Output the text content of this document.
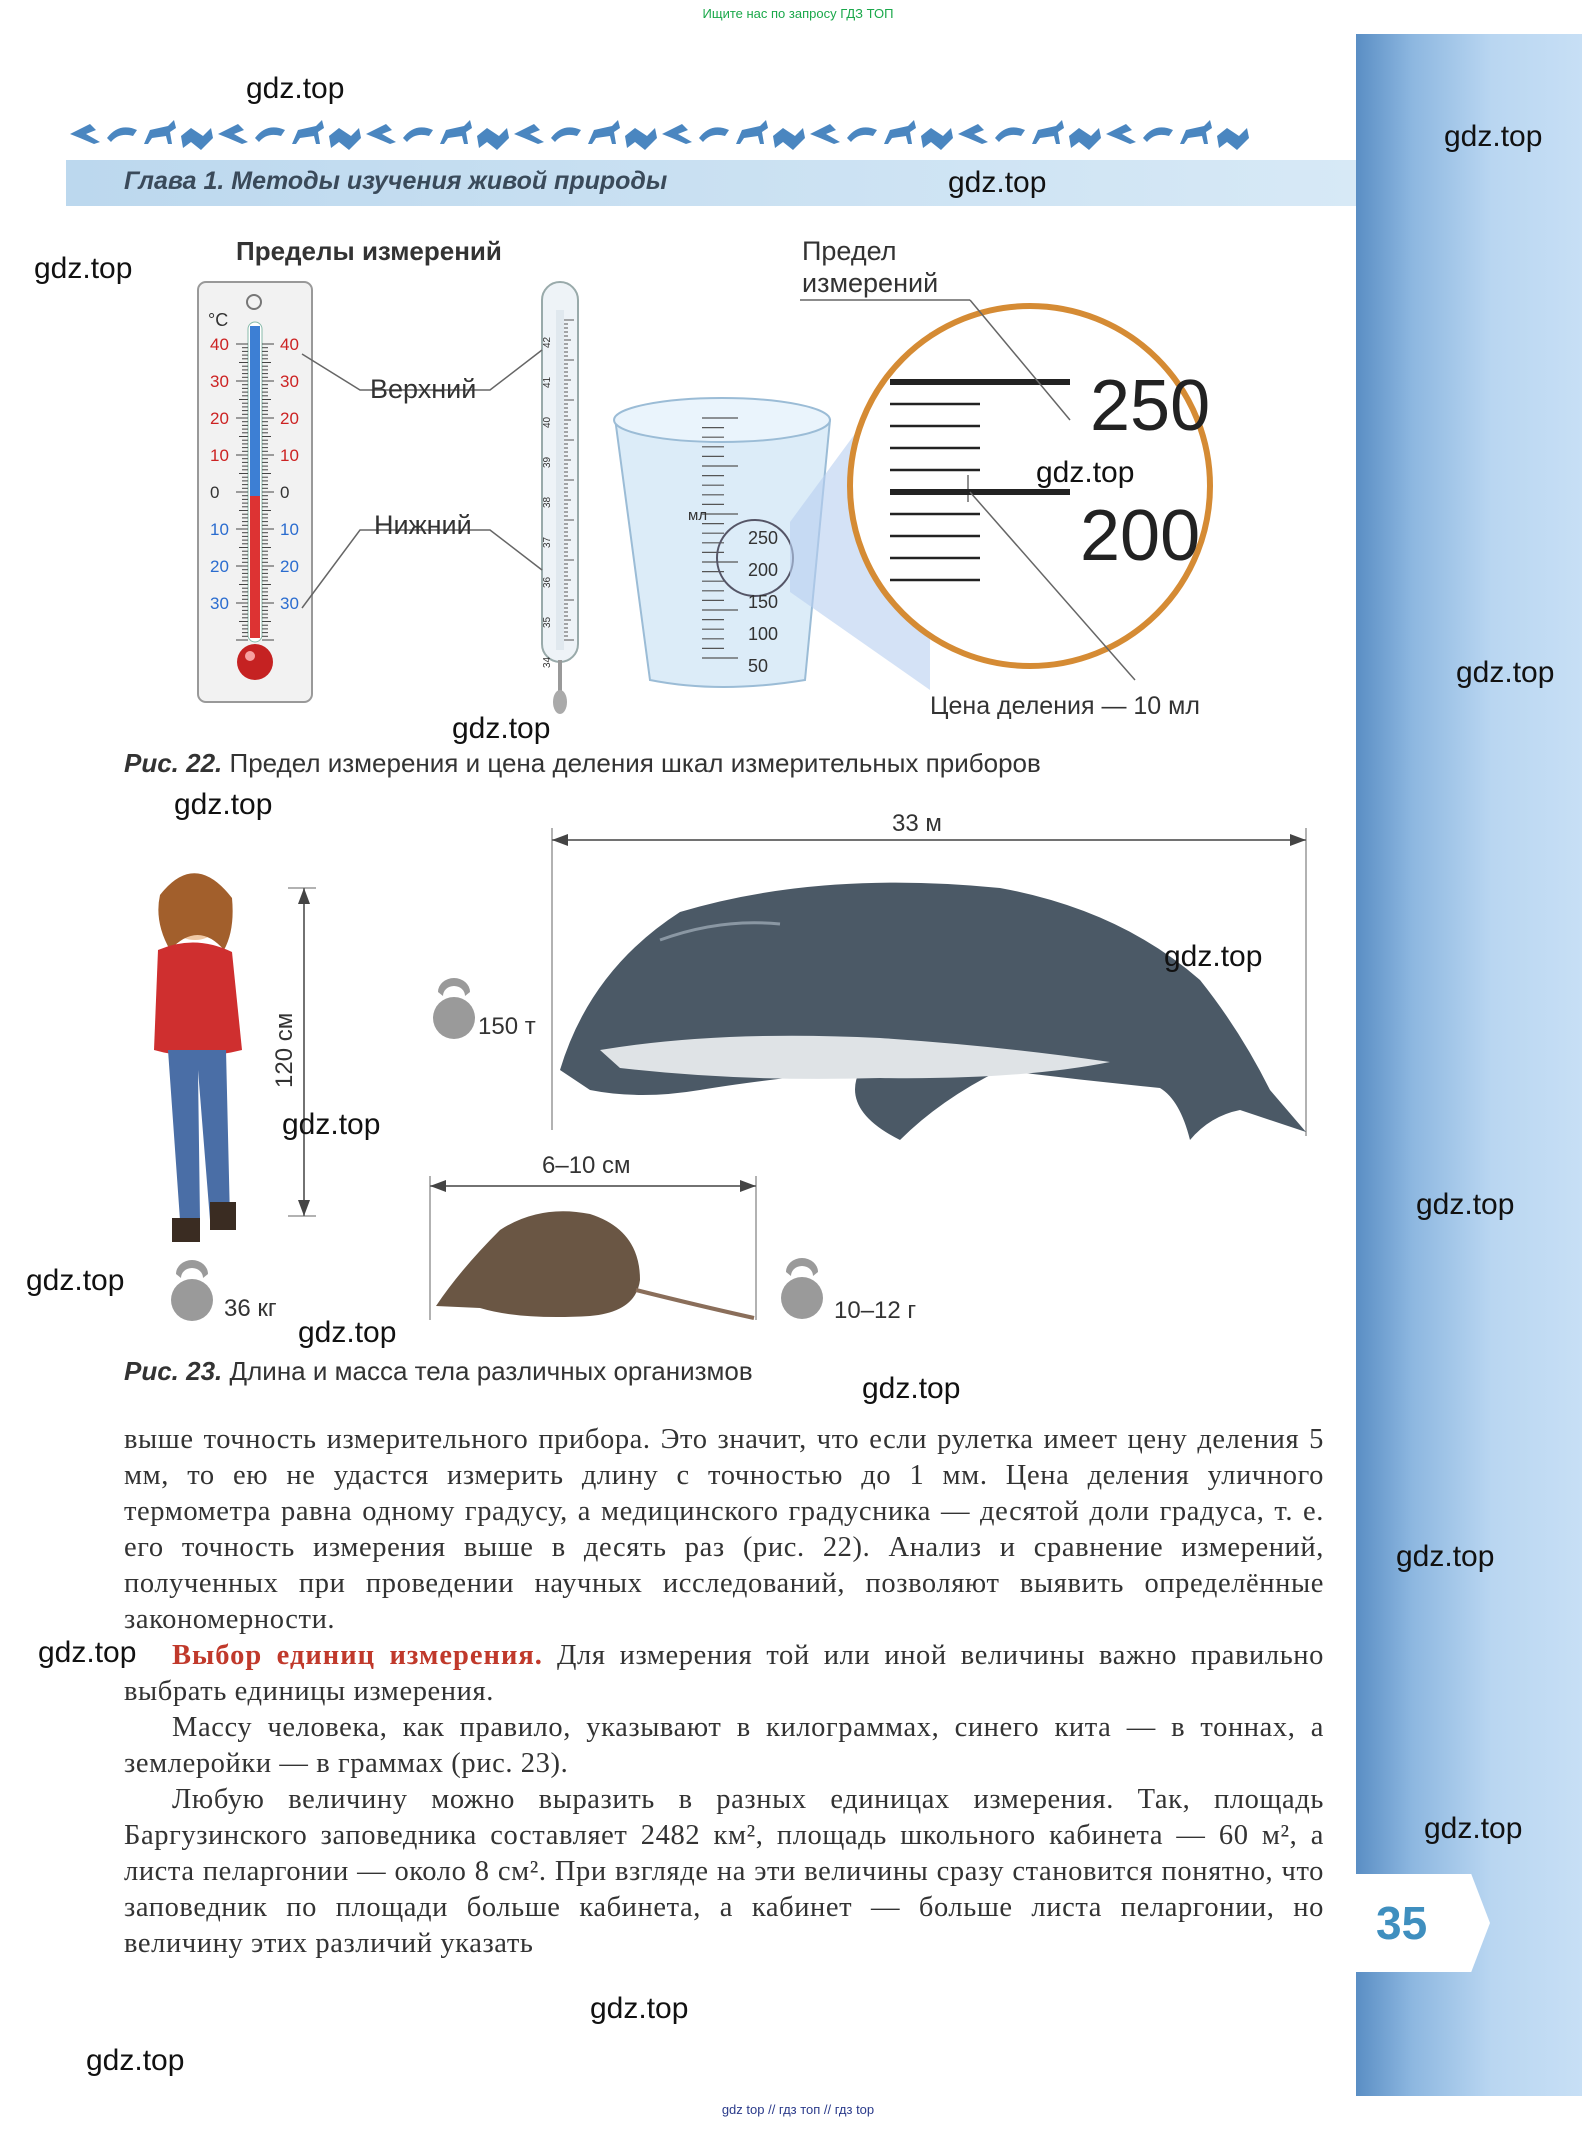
Ищите нас по запросу ГДЗ ТОП
gdz top // гдз топ // гдз top
35
Глава 1. Методы изучения живой природы
Пределы измерений
°C
40	40
30	30
20	20
10	10
0	0
10	10
20	20
30	30
42
41
40
39
38
37
36
35
34
мл
250
200
150
100
50
250
200
Верхний
Нижний
Предел
измерений
Цена деления — 10 мл
Рис. 22. Предел измерения и цена деления шкал измерительных приборов
150 т
120 см
36 кг	10–12 г
33 м
6–10 см
Рис. 23. Длина и масса тела различных организмов

выше точность измерительного прибора. Это значит, что если рулетка имеет цену деления 5 мм, то ею не удастся измерить длину с точностью до 1 мм. Цена деления уличного термометра равна одному градусу, а медицинского градусника — десятой доли градуса, т. е. его точность измерения выше в десять раз (рис. 22). Анализ и сравнение измерений, полученных при проведении научных исследований, позволяют выявить определённые закономерности.

Выбор единиц измерения. Для измерения той или иной величины важно правильно выбрать единицы измерения.

Массу человека, как правило, указывают в килограммах, синего кита — в тоннах, а землеройки — в граммах (рис. 23).

Любую величину можно выразить в разных единицах измерения. Так, площадь Баргузинского заповедника составляет 2482 км², площадь школьного кабинета — 60 м², а листа пеларгонии — около 8 см². При взгляде на эти величины сразу становится понятно, что заповедник по площади больше кабинета, а кабинет — больше листа пеларгонии, но величину этих различий указать

gdz.top
gdz.top
gdz.top
gdz.top
gdz.top
gdz.top
gdz.top
gdz.top
gdz.top
gdz.top
gdz.top
gdz.top
gdz.top
gdz.top
gdz.top
gdz.top
gdz.top
gdz.top
gdz.top
